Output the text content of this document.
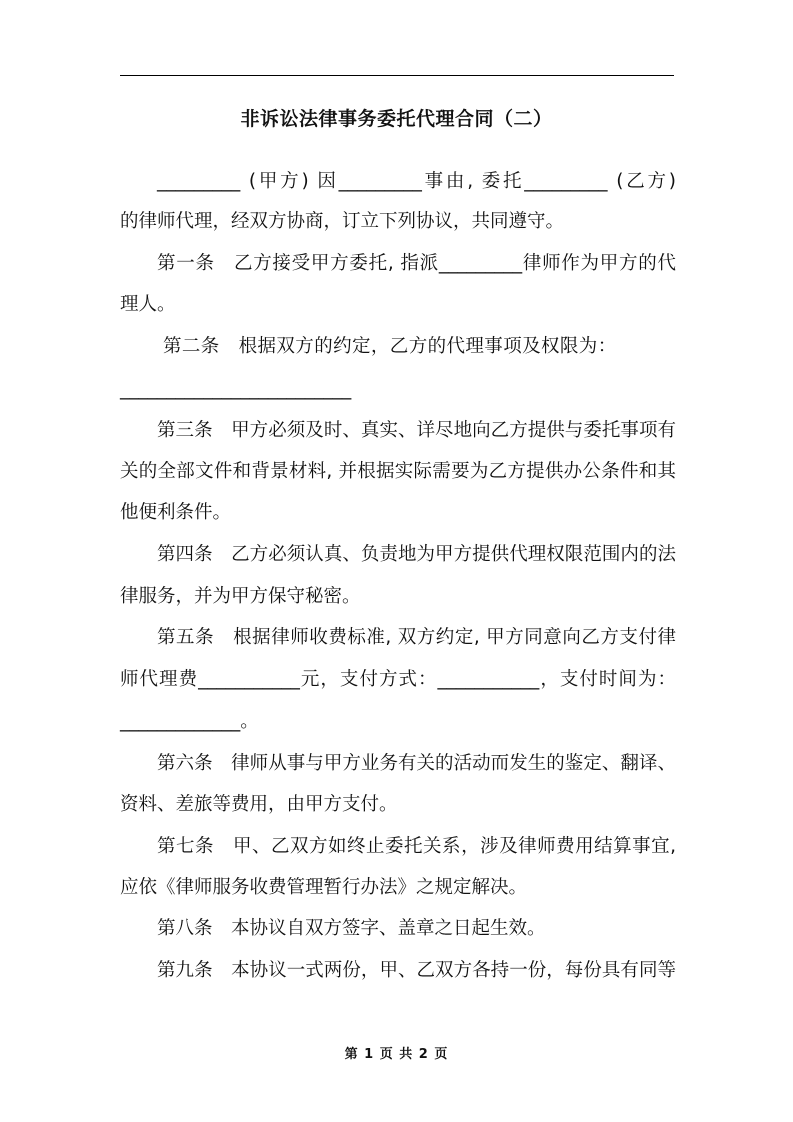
非诉讼法律事务委托代理合同（二）
_________ (甲方) 因_________事由, 委托_________ (乙方)
的律师代理，经双方协商，订立下列协议，共同遵守。
第一条　乙方接受甲方委托, 指派_________律师作为甲方的代
理人。
第二条　根据双方的约定，乙方的代理事项及权限为：
_________________________
第三条　甲方必须及时、真实、详尽地向乙方提供与委托事项有
关的全部文件和背景材料, 并根据实际需要为乙方提供办公条件和其
他便利条件。
第四条　乙方必须认真、负责地为甲方提供代理权限范围内的法
律服务，并为甲方保守秘密。
第五条　根据律师收费标准, 双方约定, 甲方同意向乙方支付律
师代理费___________元，支付方式：___________，支付时间为：
_____________。
第六条　律师从事与甲方业务有关的活动而发生的鉴定、翻译、
资料、差旅等费用，由甲方支付。
第七条　甲、乙双方如终止委托关系，涉及律师费用结算事宜,
应依《律师服务收费管理暂行办法》之规定解决。
第八条　本协议自双方签字、盖章之日起生效。
第九条　本协议一式两份，甲、乙双方各持一份，每份具有同等
第 1 页 共 2 页
